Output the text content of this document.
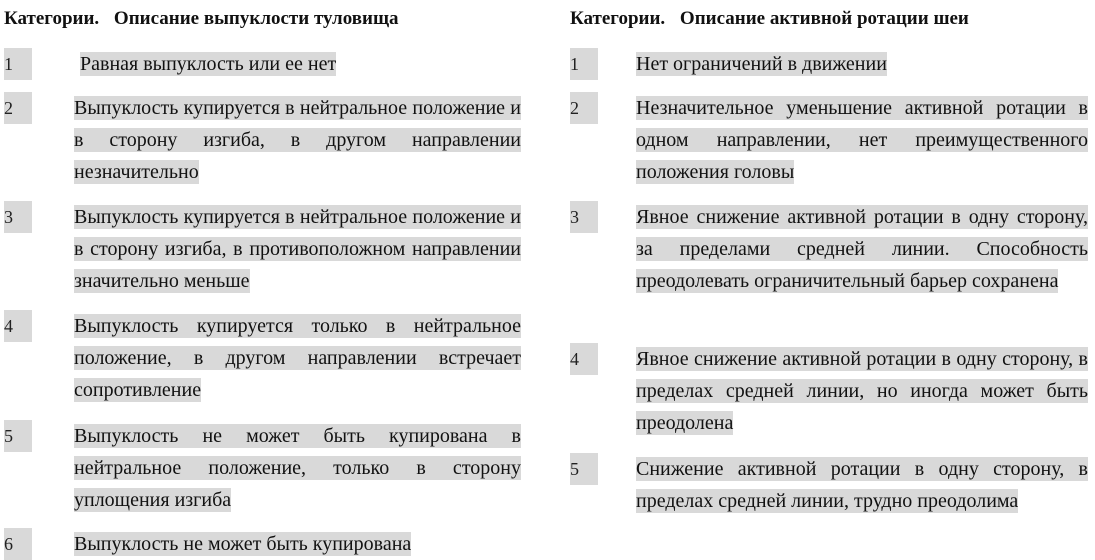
Категории. Описание выпуклости туловища
1	Равная выпуклость или ее нет
2	Выпуклость купируется в нейтральное положение и в сторону изгиба, в другом направлении незначительно
3	Выпуклость купируется в нейтральное положение и в сторону изгиба, в противоположном направлении значительно меньше
4	Выпуклость купируется только в нейтральное положение, в другом направлении встречает сопротивление
5	Выпуклость не может быть купирована в нейтральное положение, только в сторону уплощения изгиба
6	Выпуклость не может быть купирована
Категории. Описание активной ротации шеи
1	Нет ограничений в движении
2	Незначительное уменьшение активной ротации в одном направлении, нет преимущественного положения головы
3	Явное снижение активной ротации в одну сторону, за пределами средней линии. Способность преодолевать ограничительный барьер сохранена
4	Явное снижение активной ротации в одну сторону, в пределах средней линии, но иногда может быть преодолена
5	Снижение активной ротации в одну сторону, в пределах средней линии, трудно преодолима
